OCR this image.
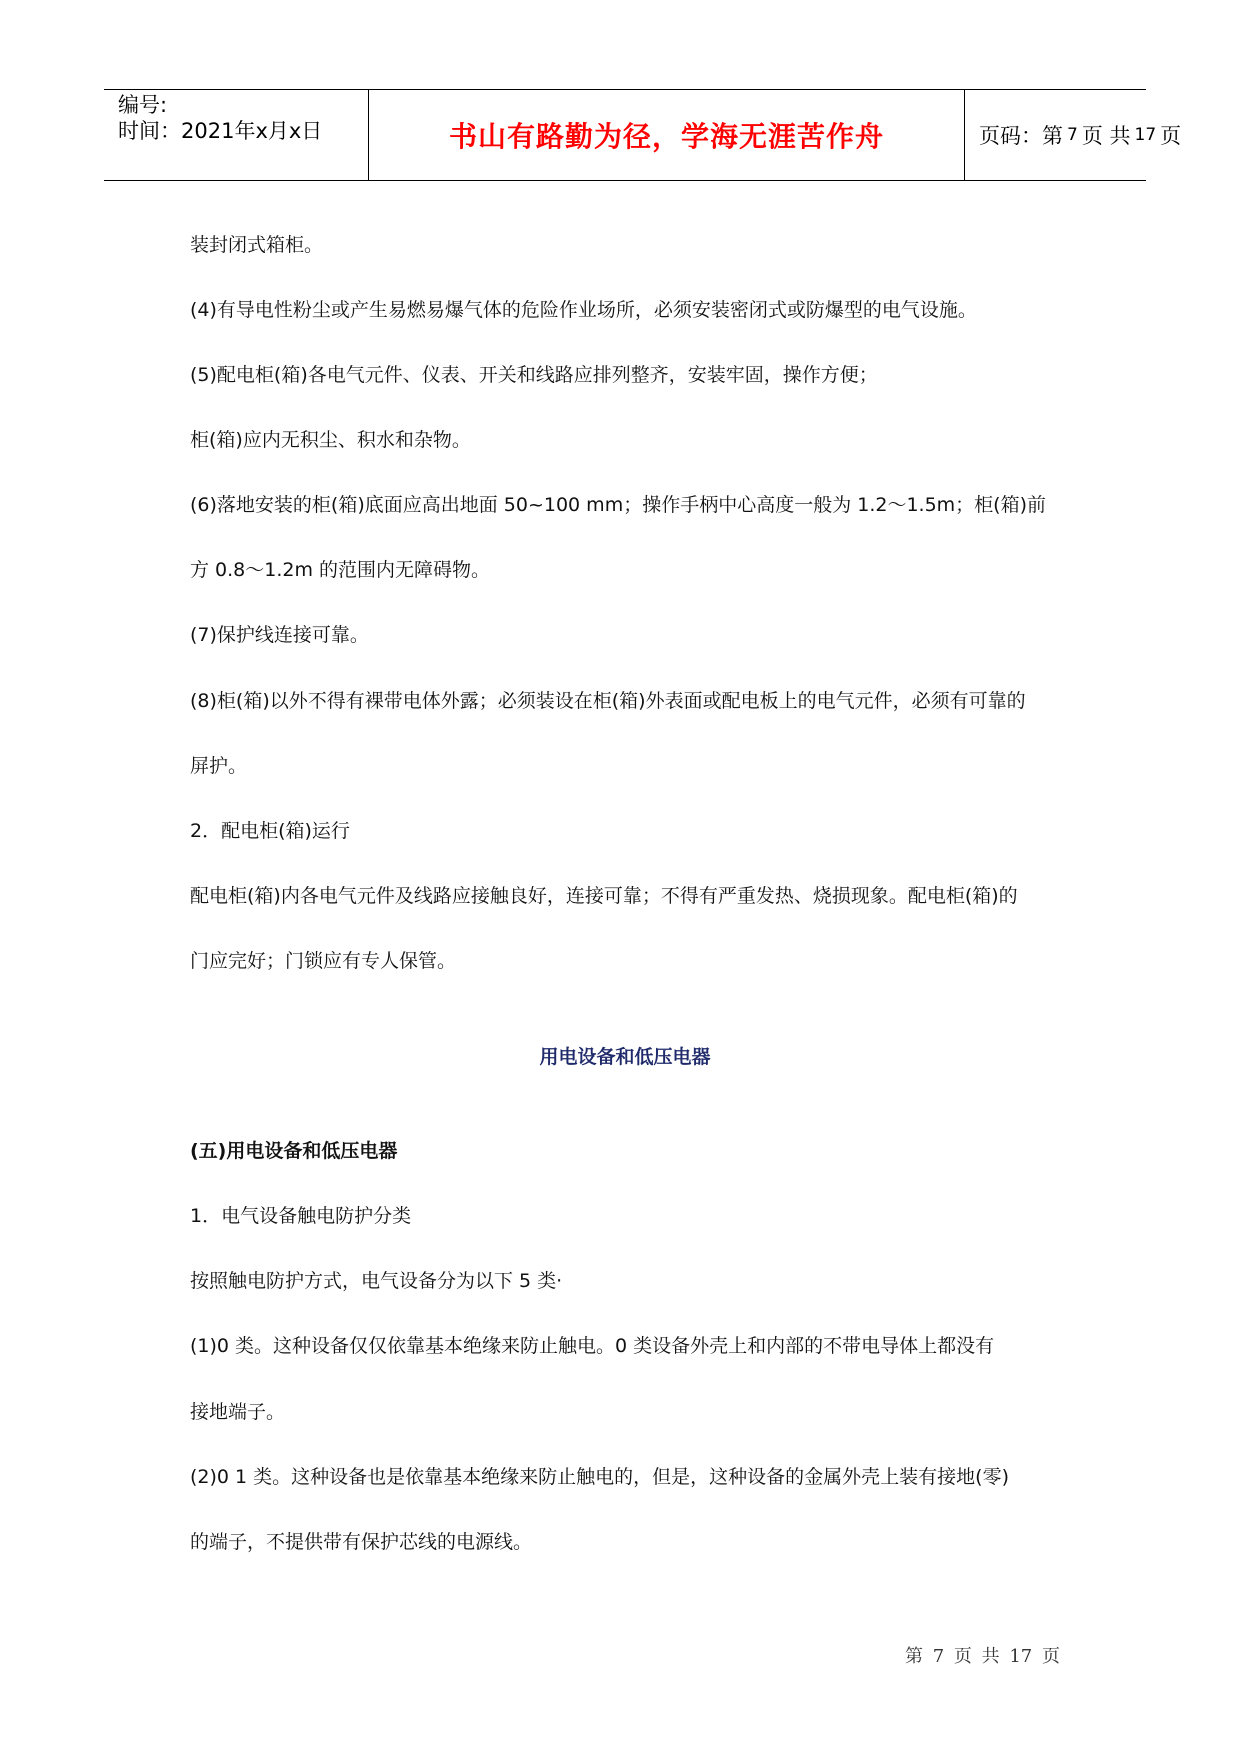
编号:
时间：2021年x月x日	书山有路勤为径，学海无涯苦作舟	页码：第 7 页 共 17 页
装封闭式箱柜。
(4)有导电性粉尘或产生易燃易爆气体的危险作业场所，必须安装密闭式或防爆型的电气设施。
(5)配电柜(箱)各电气元件、仪表、开关和线路应排列整齐，安装牢固，操作方便；
柜(箱)应内无积尘、积水和杂物。
(6)落地安装的柜(箱)底面应高出地面 50~100 mm；操作手柄中心高度一般为 1.2～1.5m；柜(箱)前
方 0.8～1.2m 的范围内无障碍物。
(7)保护线连接可靠。
(8)柜(箱)以外不得有裸带电体外露；必须装设在柜(箱)外表面或配电板上的电气元件，必须有可靠的
屏护。
2．配电柜(箱)运行
配电柜(箱)内各电气元件及线路应接触良好，连接可靠；不得有严重发热、烧损现象。配电柜(箱)的
门应完好；门锁应有专人保管。
用电设备和低压电器
(五)用电设备和低压电器
1．电气设备触电防护分类
按照触电防护方式，电气设备分为以下 5 类·
(1)0 类。这种设备仅仅依靠基本绝缘来防止触电。0 类设备外壳上和内部的不带电导体上都没有
接地端子。
(2)0 1 类。这种设备也是依靠基本绝缘来防止触电的，但是，这种设备的金属外壳上装有接地(零)
的端子，不提供带有保护芯线的电源线。
第 7 页 共 17 页
